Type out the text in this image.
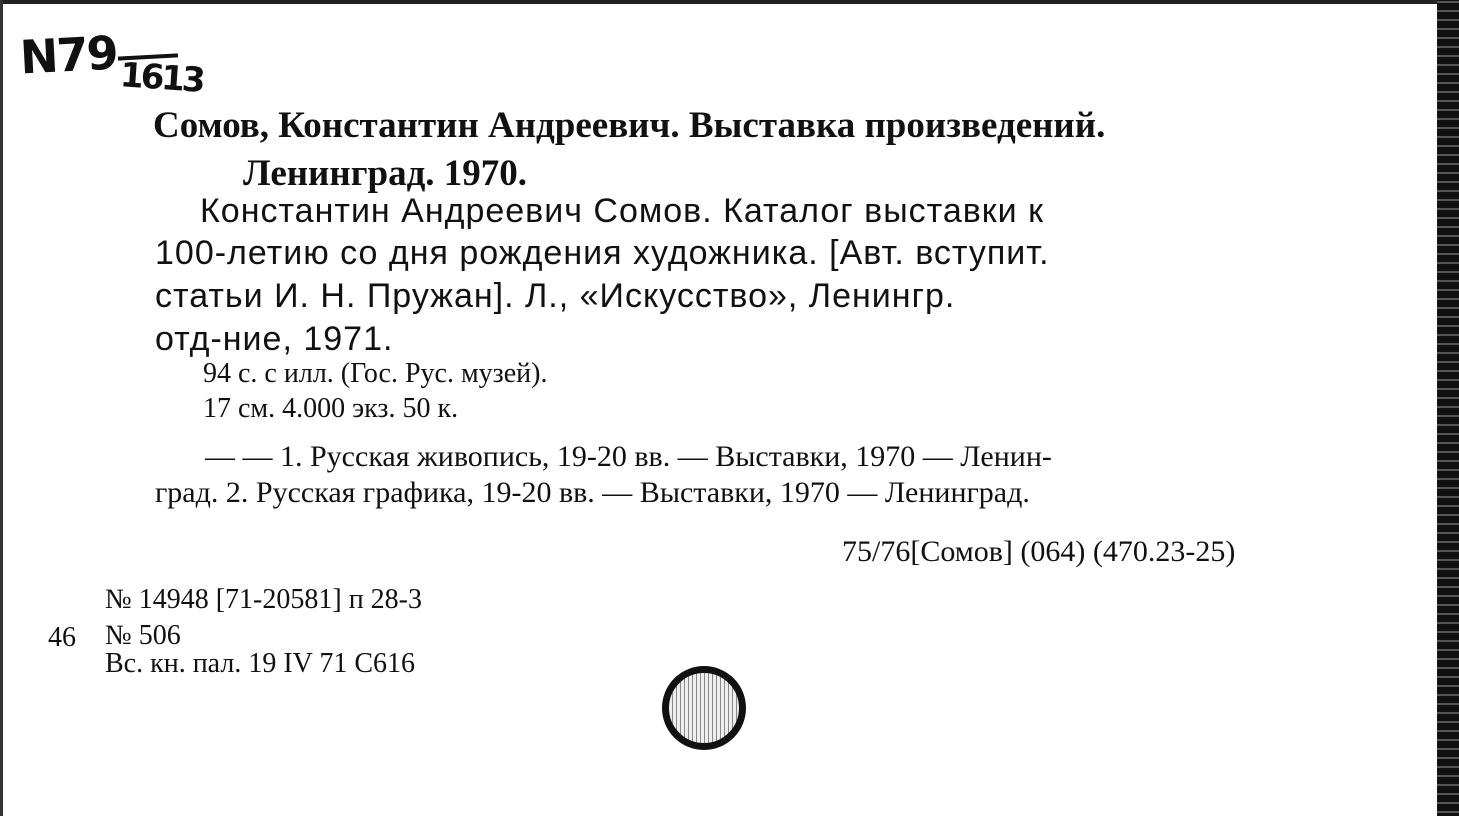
N79 1613
Сомов, Константин Андреевич. Выставка произведений.
Ленинград. 1970.
Константин Андреевич Сомов. Каталог выставки к
100-летию со дня рождения художника. [Авт. вступит.
статьи И. Н. Пружан]. Л., «Искусство», Ленингр.
отд-ние, 1971.
94 с. с илл. (Гос. Рус. музей).
17 см. 4.000 экз. 50 к.
— — 1. Русская живопись, 19-20 вв. — Выставки, 1970 — Ленин-
град. 2. Русская графика, 19-20 вв. — Выставки, 1970 — Ленинград.
75/76[Сомов] (064) (470.23-25)
№ 14948 [71-20581] п 28-3
46 № 506
Вс. кн. пал. 19 IV 71 С616
